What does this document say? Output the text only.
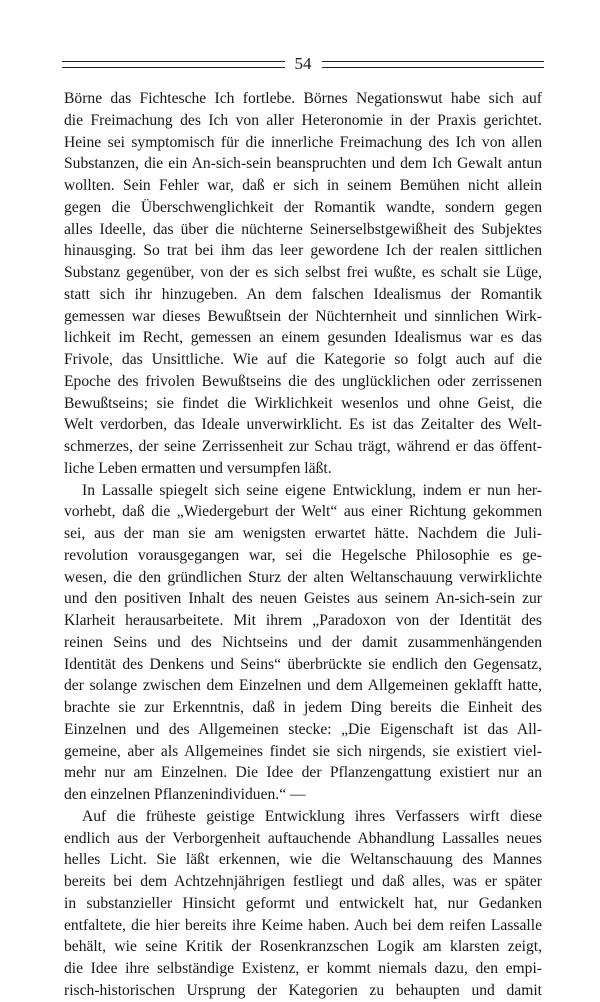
54
Börne das Fichtesche Ich fortlebe. Börnes Negationswut habe sich auf
die Freimachung des Ich von aller Heteronomie in der Praxis gerichtet.
Heine sei symptomisch für die innerliche Freimachung des Ich von allen
Substanzen, die ein An-sich-sein beanspruchten und dem Ich Gewalt antun
wollten. Sein Fehler war, daß er sich in seinem Bemühen nicht allein
gegen die Überschwenglichkeit der Romantik wandte, sondern gegen
alles Ideelle, das über die nüchterne Seinerselbstgewißheit des Subjektes
hinausging. So trat bei ihm das leer gewordene Ich der realen sittlichen
Substanz gegenüber, von der es sich selbst frei wußte, es schalt sie Lüge,
statt sich ihr hinzugeben. An dem falschen Idealismus der Romantik
gemessen war dieses Bewußtsein der Nüchternheit und sinnlichen Wirk-
lichkeit im Recht, gemessen an einem gesunden Idealismus war es das
Frivole, das Unsittliche. Wie auf die Kategorie so folgt auch auf die
Epoche des frivolen Bewußtseins die des unglücklichen oder zerrissenen
Bewußtseins; sie findet die Wirklichkeit wesenlos und ohne Geist, die
Welt verdorben, das Ideale unverwirklicht. Es ist das Zeitalter des Welt-
schmerzes, der seine Zerrissenheit zur Schau trägt, während er das öffent-
liche Leben ermatten und versumpfen läßt.
In Lassalle spiegelt sich seine eigene Entwicklung, indem er nun her-
vorhebt, daß die „Wiedergeburt der Welt“ aus einer Richtung gekommen
sei, aus der man sie am wenigsten erwartet hätte. Nachdem die Juli-
revolution vorausgegangen war, sei die Hegelsche Philosophie es ge-
wesen, die den gründlichen Sturz der alten Weltanschauung verwirklichte
und den positiven Inhalt des neuen Geistes aus seinem An-sich-sein zur
Klarheit herausarbeitete. Mit ihrem „Paradoxon von der Identität des
reinen Seins und des Nichtseins und der damit zusammenhängenden
Identität des Denkens und Seins“ überbrückte sie endlich den Gegensatz,
der solange zwischen dem Einzelnen und dem Allgemeinen geklafft hatte,
brachte sie zur Erkenntnis, daß in jedem Ding bereits die Einheit des
Einzelnen und des Allgemeinen stecke: „Die Eigenschaft ist das All-
gemeine, aber als Allgemeines findet sie sich nirgends, sie existiert viel-
mehr nur am Einzelnen. Die Idee der Pflanzengattung existiert nur an
den einzelnen Pflanzenindividuen.“ —
Auf die früheste geistige Entwicklung ihres Verfassers wirft diese
endlich aus der Verborgenheit auftauchende Abhandlung Lassalles neues
helles Licht. Sie läßt erkennen, wie die Weltanschauung des Mannes
bereits bei dem Achtzehnjährigen festliegt und daß alles, was er später
in substanzieller Hinsicht geformt und entwickelt hat, nur Gedanken
entfaltete, die hier bereits ihre Keime haben. Auch bei dem reifen Lassalle
behält, wie seine Kritik der Rosenkranzschen Logik am klarsten zeigt,
die Idee ihre selbständige Existenz, er kommt niemals dazu, den empi-
risch-historischen Ursprung der Kategorien zu behaupten und damit
